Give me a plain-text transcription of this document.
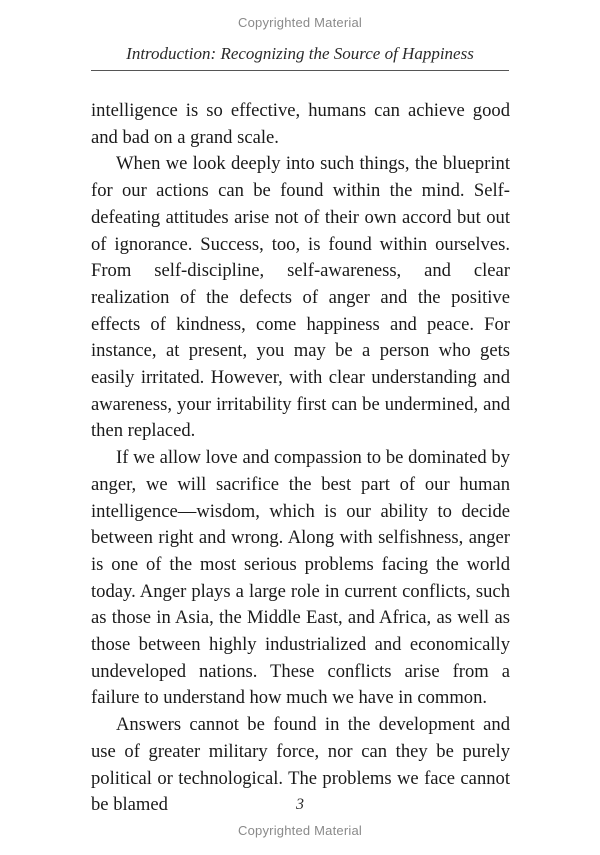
Copyrighted Material
Introduction: Recognizing the Source of Happiness

intelligence is so effective, humans can achieve good and bad on a grand scale.

When we look deeply into such things, the blueprint for our actions can be found within the mind. Self-defeating attitudes arise not of their own accord but out of ignorance. Success, too, is found within ourselves. From self-discipline, self-awareness, and clear realization of the defects of anger and the positive effects of kindness, come happiness and peace. For instance, at present, you may be a person who gets easily irritated. However, with clear understanding and awareness, your irritability first can be undermined, and then replaced.

If we allow love and compassion to be dominated by anger, we will sacrifice the best part of our human intelligence—wisdom, which is our ability to decide between right and wrong. Along with selfishness, anger is one of the most serious problems facing the world today. Anger plays a large role in current conflicts, such as those in Asia, the Middle East, and Africa, as well as those between highly industrialized and economically undeveloped nations. These conflicts arise from a failure to understand how much we have in common.

Answers cannot be found in the development and use of greater military force, nor can they be purely political or technological. The problems we face cannot be blamed	3
Copyrighted Material
